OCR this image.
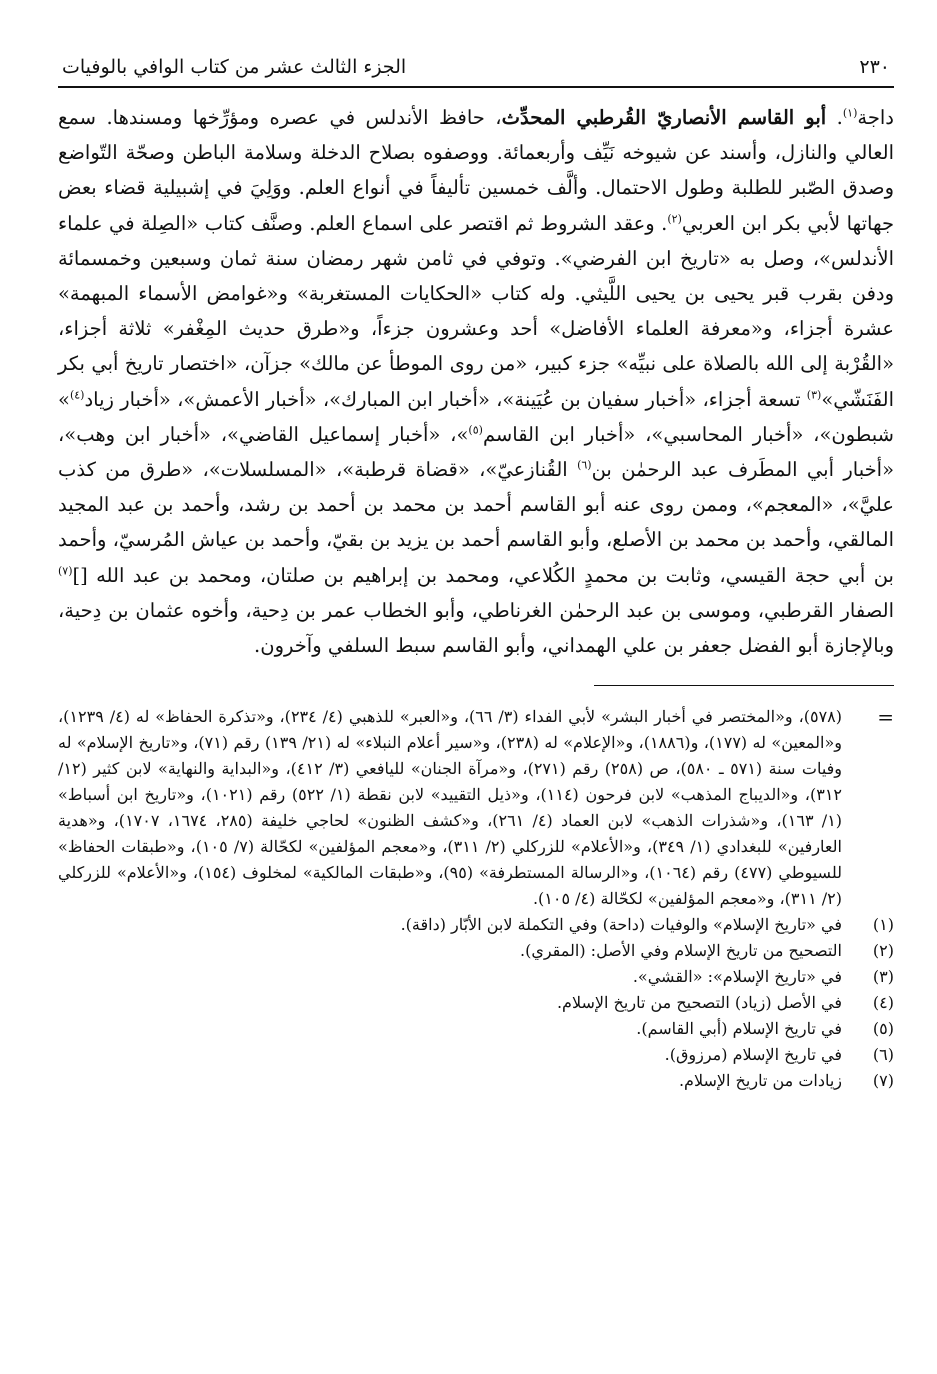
٢٣٠
الجزء الثالث عشر من كتاب الوافي بالوفيات

داجة$^{(١)}$. أبو القاسم الأنصاريّ القُرطبي المحدِّث، حافظ الأندلس في عصره ومؤرِّخها ومسندها. سمع العالي والنازل، وأسند عن شيوخه نَيِّف وأربعمائة. ووصفوه بصلاح الدخلة وسلامة الباطن وصحّة التّواضع وصدق الصّبر للطلبة وطول الاحتمال. وألَّف خمسين تأليفاً في أنواع العلم. ووَلِيَ في إشبيلية قضاء بعض جهاتها لأبي بكر ابن العربي$^{(٢)}$. وعقد الشروط ثم اقتصر على اسماع العلم. وصنَّف كتاب «الصِلة في علماء الأندلس»، وصل به «تاريخ ابن الفرضي». وتوفي في ثامن شهر رمضان سنة ثمان وسبعين وخمسمائة ودفن بقرب قبر يحيى بن يحيى اللَّيثي. وله كتاب «الحكايات المستغربة» و«غوامض الأسماء المبهمة» عشرة أجزاء، و«معرفة العلماء الأفاضل» أحد وعشرون جزءاً، و«طرق حديث المِغْفر» ثلاثة أجزاء، «القُرْبة إلى الله بالصلاة على نبيِّه» جزء كبير، «من روى الموطأ عن مالك» جزآن، «اختصار تاريخ أبي بكر الفَنَشّي»$^{(٣)}$ تسعة أجزاء، «أخبار سفيان بن عُيَينة»، «أخبار ابن المبارك»، «أخبار الأعمش»، «أخبار زياد$^{(٤)}$» شبطون»، «أخبار المحاسبي»، «أخبار ابن القاسم$^{(٥)}$»، «أخبار إسماعيل القاضي»، «أخبار ابن وهب»، «أخبار أبي المطَرف عبد الرحمٰن بن$^{(٦)}$ القُنازعيّ»، «قضاة قرطبة»، «المسلسلات»، «طرق من كذب عليَّ»، «المعجم»، وممن روى عنه أبو القاسم أحمد بن محمد بن أحمد بن رشد، وأحمد بن عبد المجيد المالقي، وأحمد بن محمد بن الأصلع، وأبو القاسم أحمد بن يزيد بن بقيّ، وأحمد بن عياش المُرسيّ، وأحمد بن أبي حجة القيسي، وثابت بن محمدٍ الكُلاعي، ومحمد بن إبراهيم بن صلتان، ومحمد بن عبد الله []$^{(٧)}$ الصفار القرطبي، وموسى بن عبد الرحمٰن الغرناطي، وأبو الخطاب عمر بن دِحية، وأخوه عثمان بن دِحية، وبالإجازة أبو الفضل جعفر بن علي الهمداني، وأبو القاسم سبط السلفي وآخرون.

=
(٥٧٨)، و«المختصر في أخبار البشر» لأبي الفداء (٣/ ٦٦)، و«العبر» للذهبي (٤/ ٢٣٤)، و«تذكرة الحفاظ» له (٤/ ١٢٣٩)، و«المعين» له (١٧٧)، و(١٨٨٦)، و«الإعلام» له (٢٣٨)، و«سير أعلام النبلاء» له (٢١/ ١٣٩) رقم (٧١)، و«تاريخ الإسلام» له وفيات سنة (٥٧١ ـ ٥٨٠)، ص (٢٥٨) رقم (٢٧١)، و«مرآة الجنان» لليافعي (٣/ ٤١٢)، و«البداية والنهاية» لابن كثير (١٢/ ٣١٢)، و«الديباج المذهب» لابن فرحون (١١٤)، و«ذيل التقييد» لابن نقطة (١/ ٥٢٢) رقم (١٠٢١)، و«تاريخ ابن أسباط» (١/ ١٦٣)، و«شذرات الذهب» لابن العماد (٤/ ٢٦١)، و«كشف الظنون» لحاجي خليفة (٢٨٥، ١٦٧٤، ١٧٠٧)، و«هدية العارفين» للبغدادي (١/ ٣٤٩)، و«الأعلام» للزركلي (٢/ ٣١١)، و«معجم المؤلفين» لكحّالة (٧/ ١٠٥)، و«طبقات الحفاظ» للسيوطي (٤٧٧) رقم (١٠٦٤)، و«الرسالة المستطرفة» (٩٥)، و«طبقات المالكية» لمخلوف (١٥٤)، و«الأعلام» للزركلي (٢/ ٣١١)، و«معجم المؤلفين» لكحّالة (٤/ ١٠٥).
(١)
في «تاريخ الإسلام» والوفيات (داحة) وفي التكملة لابن الأبّار (داقة).
(٢)
التصحيح من تاريخ الإسلام وفي الأصل: (المقري).
(٣)
في «تاريخ الإسلام»: «القشي».
(٤)
في الأصل (زياد) التصحيح من تاريخ الإسلام.
(٥)
في تاريخ الإسلام (أبي القاسم).
(٦)
في تاريخ الإسلام (مرزوق).
(٧)
زيادات من تاريخ الإسلام.
